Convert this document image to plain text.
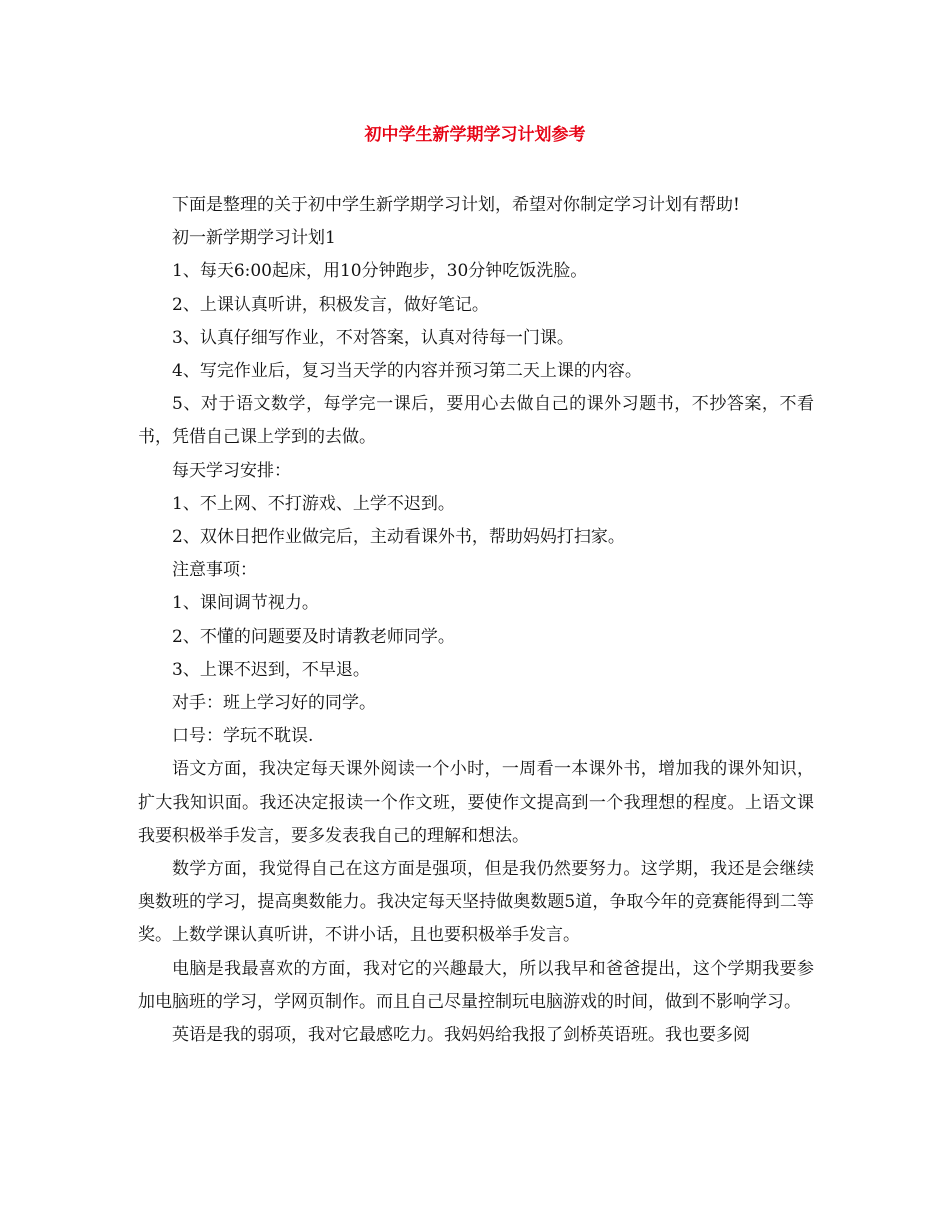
初中学生新学期学习计划参考

下面是整理的关于初中学生新学期学习计划，希望对你制定学习计划有帮助!

初一新学期学习计划1

1、每天6:00起床，用10分钟跑步，30分钟吃饭洗脸。

2、上课认真听讲，积极发言，做好笔记。

3、认真仔细写作业，不对答案，认真对待每一门课。

4、写完作业后，复习当天学的内容并预习第二天上课的内容。

5、对于语文数学，每学完一课后，要用心去做自己的课外习题书，不抄答案，不看书，凭借自己课上学到的去做。

每天学习安排：

1、不上网、不打游戏、上学不迟到。

2、双休日把作业做完后，主动看课外书，帮助妈妈打扫家。

注意事项：

1、课间调节视力。

2、不懂的问题要及时请教老师同学。

3、上课不迟到，不早退。

对手：班上学习好的同学。

口号：学玩不耽误.

语文方面，我决定每天课外阅读一个小时，一周看一本课外书，增加我的课外知识，扩大我知识面。我还决定报读一个作文班，要使作文提高到一个我理想的程度。上语文课我要积极举手发言，要多发表我自己的理解和想法。

数学方面，我觉得自己在这方面是强项，但是我仍然要努力。这学期，我还是会继续奥数班的学习，提高奥数能力。我决定每天坚持做奥数题5道，争取今年的竞赛能得到二等奖。上数学课认真听讲，不讲小话，且也要积极举手发言。

电脑是我最喜欢的方面，我对它的兴趣最大，所以我早和爸爸提出，这个学期我要参加电脑班的学习，学网页制作。而且自己尽量控制玩电脑游戏的时间，做到不影响学习。

英语是我的弱项，我对它最感吃力。我妈妈给我报了剑桥英语班。我也要多阅
